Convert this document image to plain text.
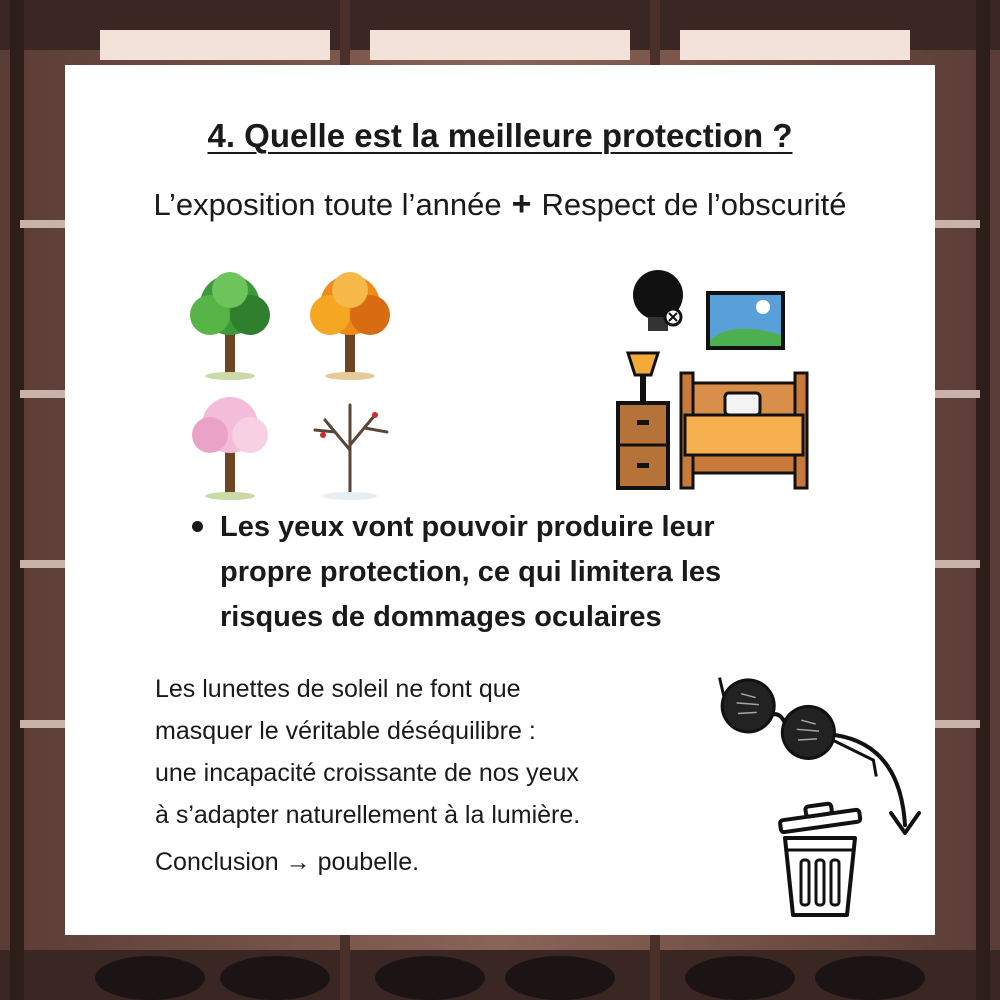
4. Quelle est la meilleure protection ?
L’exposition toute l’année + Respect de l’obscurité
Les yeux vont pouvoir produire leur propre protection, ce qui limitera les risques de dommages oculaires
Les lunettes de soleil ne font que
masquer le véritable déséquilibre :
une incapacité croissante de nos yeux
à s’adapter naturellement à la lumière.
Conclusion → poubelle.
